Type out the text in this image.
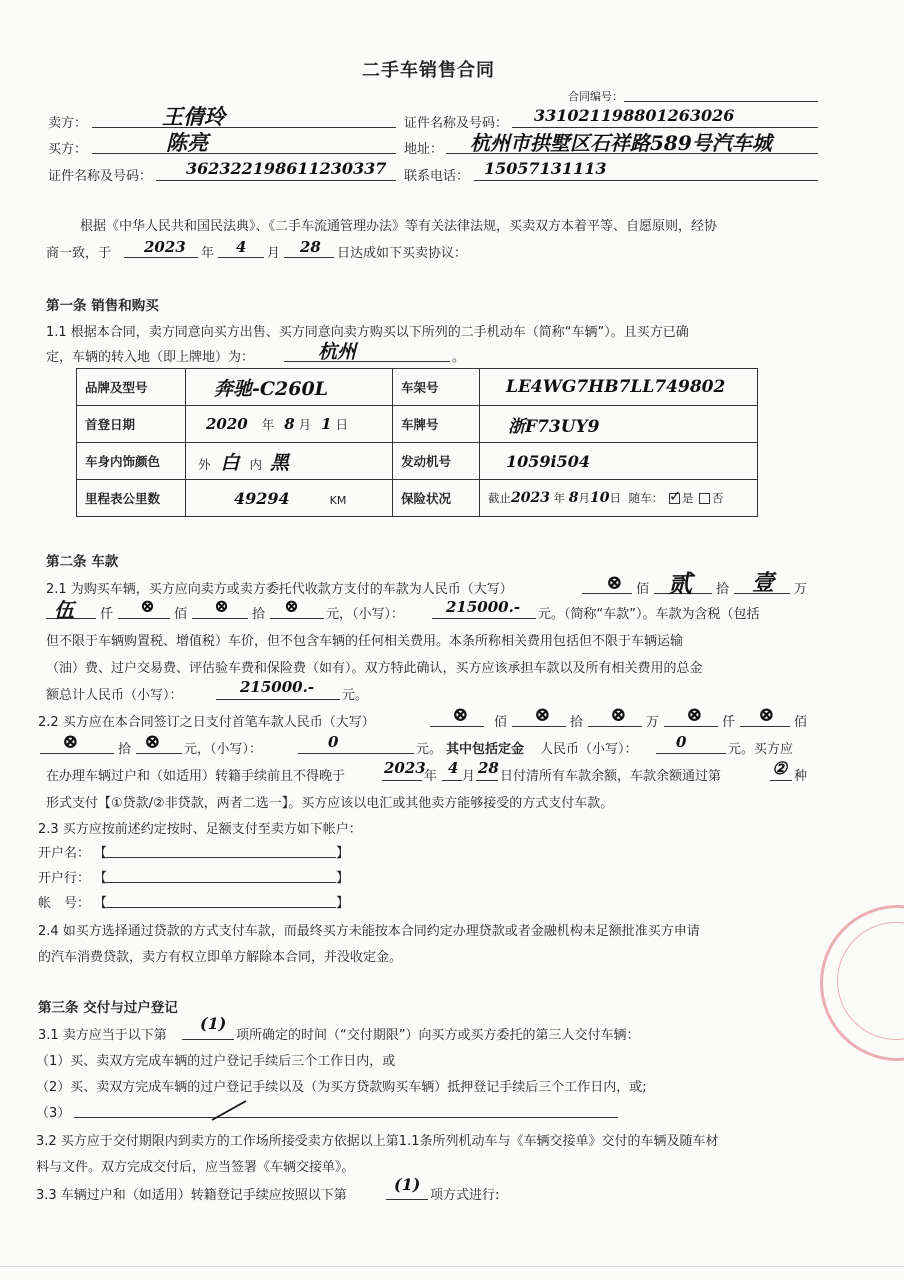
二手车销售合同
合同编号：
卖方：	王倩玲	证件名称及号码： 331021198801263026
买方：	陈亮	地址： 杭州市拱墅区石祥路589号汽车城
证件名称及号码： 362322198611230337 联系电话： 15057131113
根据《中华人民共和国民法典》、《二手车流通管理办法》等有关法律法规，买卖双方本着平等、自愿原则，经协
商一致，于 2023 年 4 月 28 日达成如下买卖协议：
第一条 销售和购买
1.1 根据本合同，卖方同意向买方出售、买方同意向卖方购买以下所列的二手机动车（简称“车辆”）。且买方已确
定，车辆的转入地（即上牌地）为：	杭州	。
品牌及型号	奔驰-C260L	车架号	LE4WG7HB7LL749802
首登日期	2020 年 8 月 1 日	车牌号	浙F73UY9
车身内饰颜色	外 白 内 黑	发动机号	1059i504
里程表公里数	49294 KM	保险状况	截止2023 年 8月10日 随车： ✓ 是 否
第二条 车款
2.1 为购买车辆，买方应向卖方或卖方委托代收款方支付的车款为人民币（大写）	⊗ 佰 贰 拾 壹 万
伍 仟 ⊗ 佰 ⊗ 拾 ⊗ 元，（小写）：	215000.- 元。（简称“车款”）。车款为含税（包括
但不限于车辆购置税、增值税）车价，但不包含车辆的任何相关费用。本条所称相关费用包括但不限于车辆运输
（油）费、过户交易费、评估验车费和保险费（如有）。双方特此确认，买方应该承担车款以及所有相关费用的总金
额总计人民币（小写）：	215000.- 元。
2.2 买方应在本合同签订之日支付首笔车款人民币（大写）	⊗ 佰 ⊗ 拾 ⊗ 万 ⊗ 仟 ⊗ 佰
⊗	拾 ⊗ 元，（小写）：	0	元。 其中包括定金 人民币（小写）：	0	元。买方应
在办理车辆过户和（如适用）转籍手续前且不得晚于	2023
年 4 月 28 日付清所有车款余额，车款余额通过第	② 种
形式支付【①贷款/②非贷款，两者二选一】。买方应该以电汇或其他卖方能够接受的方式支付车款。
2.3 买方应按前述约定按时、足额支付至卖方如下帐户：
开户名： 【	】
开户行： 【	】
帐　号： 【	】
2.4 如买方选择通过贷款的方式支付车款，而最终买方未能按本合同约定办理贷款或者金融机构未足额批准买方申请
的汽车消费贷款，卖方有权立即单方解除本合同，并没收定金。
第三条 交付与过户登记
3.1 卖方应当于以下第
(1)
项所确定的时间（“交付期限”）向买方或买方委托的第三人交付车辆：
（1）买、卖双方完成车辆的过户登记手续后三个工作日内，或
（2）买、卖双方完成车辆的过户登记手续以及（为买方贷款购买车辆）抵押登记手续后三个工作日内，或;
（3）
3.2 买方应于交付期限内到卖方的工作场所接受卖方依据以上第1.1条所列机动车与《车辆交接单》交付的车辆及随车材
料与文件。双方完成交付后，应当签署《车辆交接单》。
3.3 车辆过户和（如适用）转籍登记手续应按照以下第
(1)
项方式进行:
